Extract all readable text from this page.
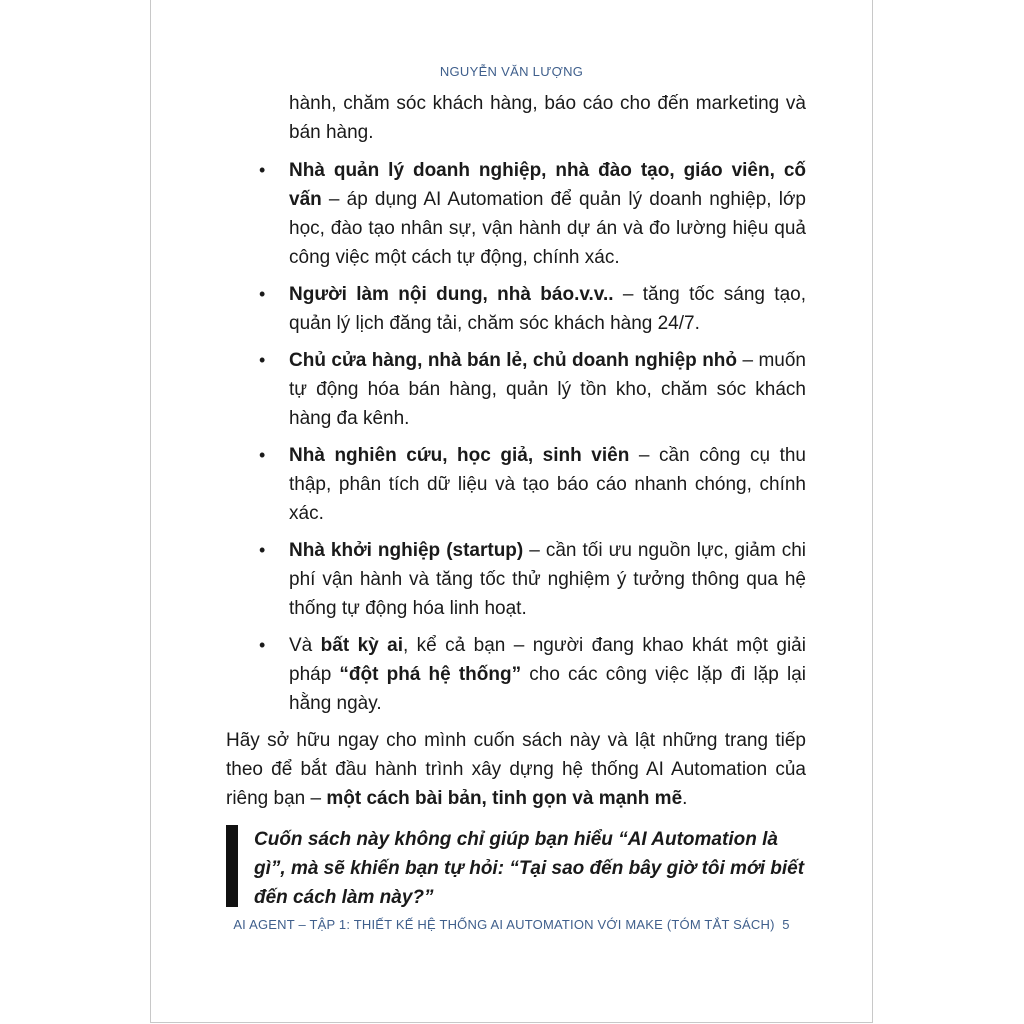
NGUYỄN VĂN LƯỢNG

hành, chăm sóc khách hàng, báo cáo cho đến marketing và bán hàng.

• Nhà quản lý doanh nghiệp, nhà đào tạo, giáo viên, cố vấn – áp dụng AI Automation để quản lý doanh nghiệp, lớp học, đào tạo nhân sự, vận hành dự án và đo lường hiệu quả công việc một cách tự động, chính xác.
• Người làm nội dung, nhà báo.v.v.. – tăng tốc sáng tạo, quản lý lịch đăng tải, chăm sóc khách hàng 24/7.
• Chủ cửa hàng, nhà bán lẻ, chủ doanh nghiệp nhỏ – muốn tự động hóa bán hàng, quản lý tồn kho, chăm sóc khách hàng đa kênh.
• Nhà nghiên cứu, học giả, sinh viên – cần công cụ thu thập, phân tích dữ liệu và tạo báo cáo nhanh chóng, chính xác.
• Nhà khởi nghiệp (startup) – cần tối ưu nguồn lực, giảm chi phí vận hành và tăng tốc thử nghiệm ý tưởng thông qua hệ thống tự động hóa linh hoạt.
• Và bất kỳ ai, kể cả bạn – người đang khao khát một giải pháp “đột phá hệ thống” cho các công việc lặp đi lặp lại hằng ngày.

Hãy sở hữu ngay cho mình cuốn sách này và lật những trang tiếp theo để bắt đầu hành trình xây dựng hệ thống AI Automation của riêng bạn – một cách bài bản, tinh gọn và mạnh mẽ.

Cuốn sách này không chỉ giúp bạn hiểu “AI Automation là gì”, mà sẽ khiến bạn tự hỏi: “Tại sao đến bây giờ tôi mới biết đến cách làm này?”
AI AGENT – TẬP 1: THIẾT KẾ HỆ THỐNG AI AUTOMATION VỚI MAKE (TÓM TẮT SÁCH) 5
